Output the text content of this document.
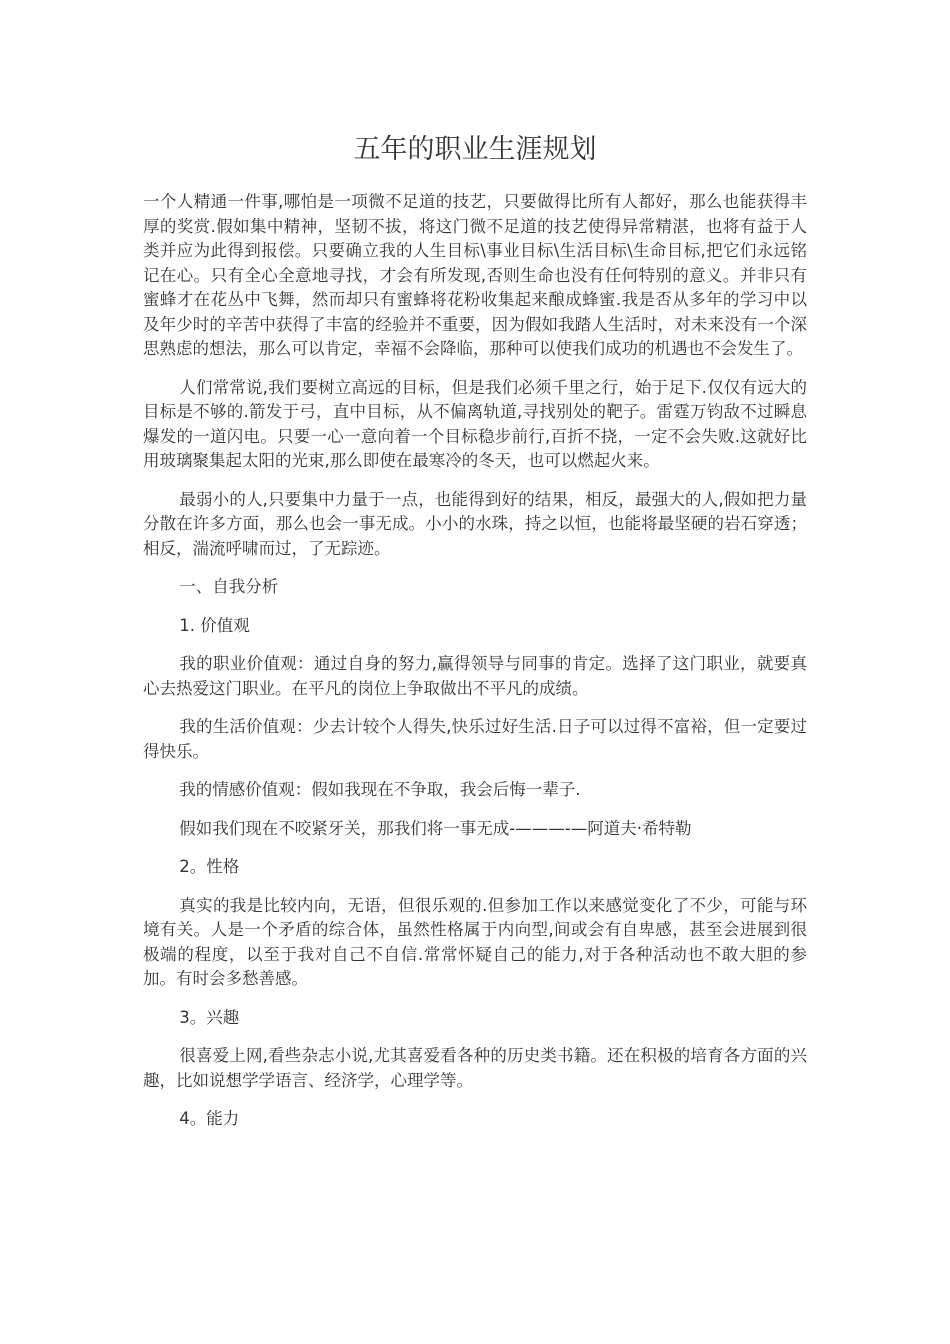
五年的职业生涯规划

一个人精通一件事,哪怕是一项微不足道的技艺，只要做得比所有人都好，那么也能获得丰厚的奖赏.假如集中精神，坚韧不拔，将这门微不足道的技艺使得异常精湛，也将有益于人类并应为此得到报偿。只要确立我的人生目标\事业目标\生活目标\生命目标,把它们永远铭记在心。只有全心全意地寻找，才会有所发现,否则生命也没有任何特别的意义。并非只有蜜蜂才在花丛中飞舞，然而却只有蜜蜂将花粉收集起来酿成蜂蜜.我是否从多年的学习中以及年少时的辛苦中获得了丰富的经验并不重要，因为假如我踏人生活时，对未来没有一个深思熟虑的想法，那么可以肯定，幸福不会降临，那种可以使我们成功的机遇也不会发生了。

人们常常说,我们要树立高远的目标，但是我们必须千里之行，始于足下.仅仅有远大的目标是不够的.箭发于弓，直中目标，从不偏离轨道,寻找别处的靶子。雷霆万钧敌不过瞬息爆发的一道闪电。只要一心一意向着一个目标稳步前行,百折不挠，一定不会失败.这就好比用玻璃聚集起太阳的光束,那么即使在最寒冷的冬天，也可以燃起火来。

最弱小的人,只要集中力量于一点，也能得到好的结果，相反，最强大的人,假如把力量分散在许多方面，那么也会一事无成。小小的水珠，持之以恒，也能将最坚硬的岩石穿透；相反，湍流呼啸而过，了无踪迹。

一、自我分析

1. 价值观

我的职业价值观：通过自身的努力,赢得领导与同事的肯定。选择了这门职业，就要真心去热爱这门职业。在平凡的岗位上争取做出不平凡的成绩。

我的生活价值观：少去计较个人得失,快乐过好生活.日子可以过得不富裕，但一定要过得快乐。

我的情感价值观：假如我现在不争取，我会后悔一辈子.

假如我们现在不咬紧牙关，那我们将一事无成-———-—阿道夫·希特勒

2。性格

真实的我是比较内向，无语，但很乐观的.但参加工作以来感觉变化了不少，可能与环境有关。人是一个矛盾的综合体，虽然性格属于内向型,间或会有自卑感，甚至会进展到很极端的程度，以至于我对自己不自信.常常怀疑自己的能力,对于各种活动也不敢大胆的参加。有时会多愁善感。

3。兴趣

很喜爱上网,看些杂志小说,尤其喜爱看各种的历史类书籍。还在积极的培育各方面的兴趣，比如说想学学语言、经济学，心理学等。

4。能力
